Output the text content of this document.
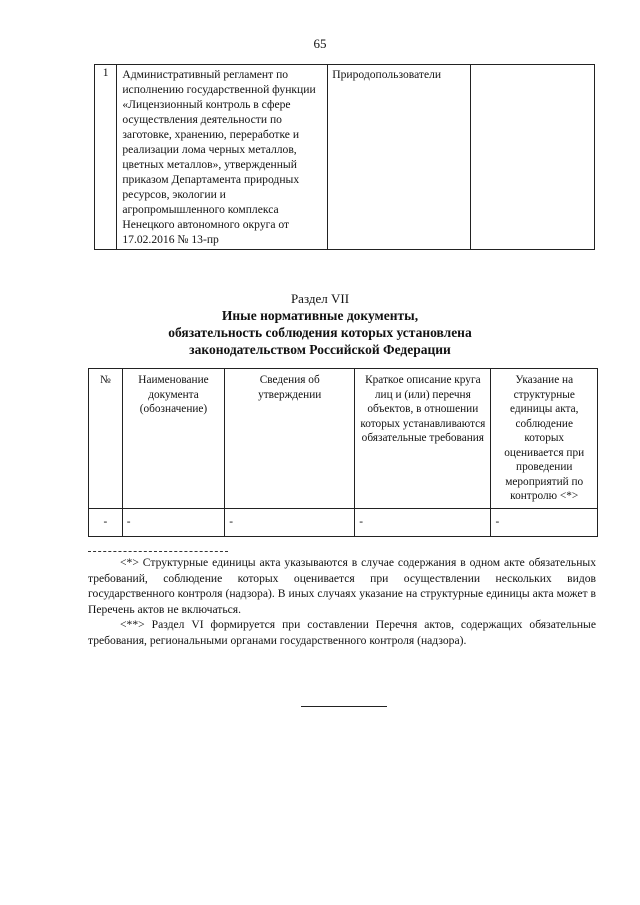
65
1	Административный регламент по исполнению государственной функции «Лицензионный контроль в сфере осуществления деятельности по заготовке, хранению, переработке и реализации лома черных металлов, цветных металлов», утвержденный приказом Департамента природных ресурсов, экологии и агропромышленного комплекса Ненецкого автономного округа от 17.02.2016 № 13-пр	Природопользователи	
Раздел VII
Иные нормативные документы,
обязательность соблюдения которых установлена
законодательством Российской Федерации
№	Наименование документа (обозначение)	Сведения об утверждении	Краткое описание круга лиц и (или) перечня объектов, в отношении которых устанавливаются обязательные требования	Указание на структурные единицы акта, соблюдение которых оценивается при проведении мероприятий по контролю <*>
-	-	-	-	-

<*> Структурные единицы акта указываются в случае содержания в одном акте обязательных требований, соблюдение которых оценивается при осуществлении нескольких видов государственного контроля (надзора). В иных случаях указание на структурные единицы акта может в Перечень актов не включаться.

<**> Раздел VI формируется при составлении Перечня актов, содержащих обязательные требования, региональными органами государственного контроля (надзора).
